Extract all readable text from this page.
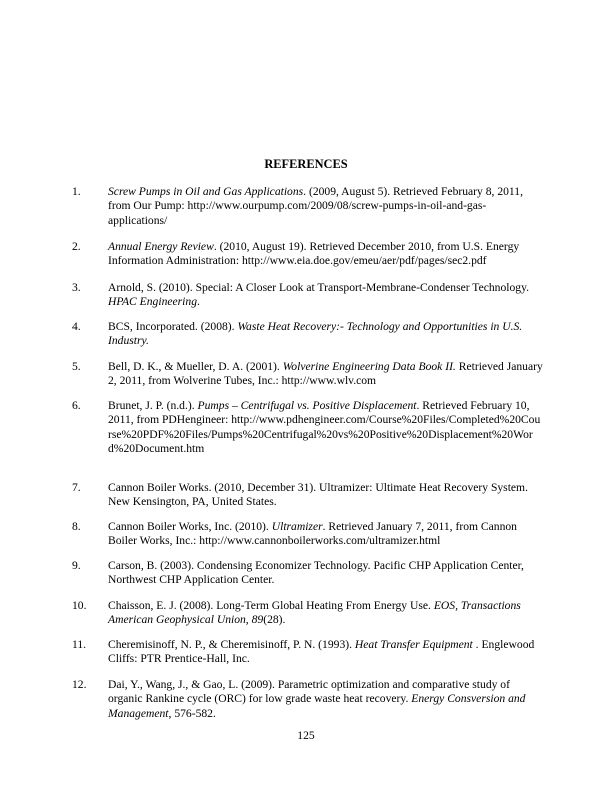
REFERENCES
1. Screw Pumps in Oil and Gas Applications. (2009, August 5). Retrieved February 8, 2011, from Our Pump: http://www.ourpump.com/2009/08/screw-pumps-in-oil-and-gas-applications/
2. Annual Energy Review. (2010, August 19). Retrieved December 2010, from U.S. Energy Information Administration: http://www.eia.doe.gov/emeu/aer/pdf/pages/sec2.pdf
3. Arnold, S. (2010). Special: A Closer Look at Transport-Membrane-Condenser Technology. HPAC Engineering.
4. BCS, Incorporated. (2008). Waste Heat Recovery:- Technology and Opportunities in U.S. Industry.
5. Bell, D. K., & Mueller, D. A. (2001). Wolverine Engineering Data Book II. Retrieved January 2, 2011, from Wolverine Tubes, Inc.: http://www.wlv.com
6. Brunet, J. P. (n.d.). Pumps – Centrifugal vs. Positive Displacement. Retrieved February 10, 2011, from PDHengineer: http://www.pdhengineer.com/Course%20Files/Completed%20Course%20PDF%20Files/Pumps%20Centrifugal%20vs%20Positive%20Displacement%20Word%20Document.htm
7. Cannon Boiler Works. (2010, December 31). Ultramizer: Ultimate Heat Recovery System. New Kensington, PA, United States.
8. Cannon Boiler Works, Inc. (2010). Ultramizer. Retrieved January 7, 2011, from Cannon Boiler Works, Inc.: http://www.cannonboilerworks.com/ultramizer.html
9. Carson, B. (2003). Condensing Economizer Technology. Pacific CHP Application Center, Northwest CHP Application Center.
10. Chaisson, E. J. (2008). Long-Term Global Heating From Energy Use. EOS, Transactions American Geophysical Union, 89(28).
11. Cheremisinoff, N. P., & Cheremisinoff, P. N. (1993). Heat Transfer Equipment . Englewood Cliffs: PTR Prentice-Hall, Inc.
12. Dai, Y., Wang, J., & Gao, L. (2009). Parametric optimization and comparative study of organic Rankine cycle (ORC) for low grade waste heat recovery. Energy Consversion and Management, 576-582.
125
